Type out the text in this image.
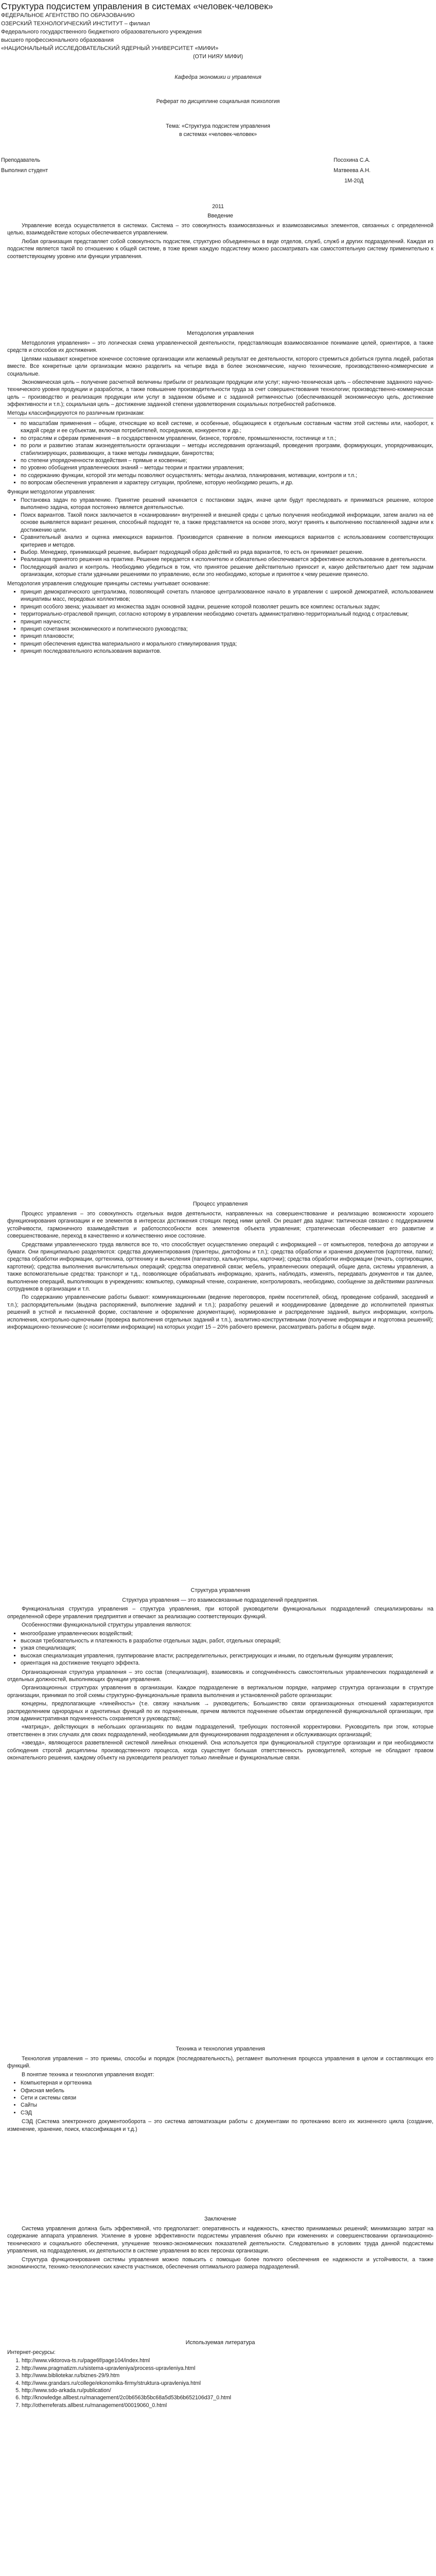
Структура подсистем управления в системах «человек-человек»
ФЕДЕРАЛЬНОЕ АГЕНТСТВО ПО ОБРАЗОВАНИЮ
ОЗЕРСКИЙ ТЕХНОЛОГИЧЕСКИЙ ИНСТИТУТ – филиал
Федерального государственного бюджетного образовательного учреждения
высшего профессионального образования
«НАЦИОНАЛЬНЫЙ ИССЛЕДОВАТЕЛЬСКИЙ ЯДЕРНЫЙ УНИВЕРСИТЕТ «МИФИ»
(ОТИ НИЯУ МИФИ)
Кафедра экономики и управления
Реферат по дисциплине социальная психология
Тема: «Структура подсистем управления
в системах «человек-человек»
Преподаватель	Посохина С.А.
Выполнил студент	Матвеева А.Н.
1М-20Д
2011
Введение

Управление всегда осуществляется в системах. Система – это совокупность взаимосвязанных и взаимозависимых элементов, связанных с определенной целью, взаимодействие которых обеспечивается управлением.

Любая организация представляет собой совокупность подсистем, структурно объединенных в виде отделов, служб, служб и других подразделений. Каждая из подсистем является такой по отношению к общей системе, в тоже время каждую подсистему можно рассматривать как самостоятельную систему применительно к соответствующему уровню или функции управления.

Методология управления

Методология управления» – это логическая схема управленческой деятельности, представляющая взаимосвязанное понимание целей, ориентиров, а также средств и способов их достижения.

Целями называют конкретное конечное состояние организации или желаемый результат ее деятельности, которого стремиться добиться группа людей, работая вместе. Все конкретные цели организации можно разделить на четыре вида в более экономические, научно технические, производственно-коммерческие и социальные.

Экономическая цель – получение расчетной величины прибыли от реализации продукции или услуг; научно-техническая цель – обеспечение заданного научно-технического уровня продукции и разработок, а также повышение производительности труда за счет совершенствования технологии; производственно-коммерческая цель – производство и реализация продукции или услуг в заданном объеме и с заданной ритмичностью (обеспечивающей экономическую цель, достижение эффективности и т.п.); социальная цель – достижение заданной степени удовлетворения социальных потребностей работников.

Методы классифицируются по различным признакам:

▪ по масштабам применения – общие, относящие ко всей системе, и особенные, общающиеся к отдельным составным частям этой системы или, наоборот, к каждой среде и ее субъектам, включая потребителей, посредников, конкурентов и др.;
▪ по отраслям и сферам применения – в государственном управлении, бизнесе, торговле, промышленности, гостинице и т.п.;
▪ по роли и развитию этапам жизнедеятельности организации – методы исследования организаций, проведения программ, формирующих, упорядочивающих, стабилизирующих, развивающих, а также методы ликвидации, банкротства;
▪ по степени упорядоченности воздействия – прямые и косвенные;
▪ по уровню обобщения управленческих знаний – методы теории и практики управления;
▪ по содержанию функции, которой эти методы позволяют осуществлять: методы анализа, планирования, мотивации, контроля и т.п.;
▪ по вопросам обеспечения управления и характеру ситуации, проблеме, которую необходимо решить, и др.

Функции методологии управления:

▪ Постановка задач по управлению. Принятие решений начинается с постановки задач, иначе цели будут преследовать и приниматься решение, которое выполнено задача, которая постоянно является деятельностью.
▪ Поиск вариантов. Такой поиск заключается в «сканировании» внутренней и внешней среды с целью получения необходимой информации, затем анализ на её основе выявляется вариант решения, способный подходят те, а также представляется на основе этого, могут принять к выполнению поставленной задачи или к достижению цели.
▪ Сравнительный анализ и оценка имеющихся вариантов. Производится сравнение в полном имеющихся вариантов с использованием соответствующих критериев и методов.
▪ Выбор. Менеджер, принимающий решение, выбирает подходящий образ действий из ряда вариантов, то есть он принимает решение.
▪ Реализация принятого решения на практике. Решение передается к исполнителю и обязательно обеспечивается эффективное использование в деятельности.
▪ Последующий анализ и контроль. Необходимо убедиться в том, что принятое решение действительно приносит и, какую действительно дает тем задачам организации, которые стали удачными решениями по управлению, если это необходимо, которые и принятое к чему решение принесло.

Методология управления следующие принципы системы учитывает основание:

▪ принцип демократического централизма, позволяющий сочетать плановое централизованное начало в управлении с широкой демократией, использованием инициативы масс, передовых коллективов;
▪ принцип особого звена; указывает из множества задач основной задачи, решение которой позволяет решить все комплекс остальных задач;
▪ территориально-отраслевой принцип, согласно которому в управлении необходимо сочетать административно-территориальный подход с отраслевым;
▪ принцип научности;
▪ принцип сочетания экономического и политического руководства;
▪ принцип плановости;
▪ принцип обеспечения единства материального и морального стимулирования труда;
▪ принцип последовательного использования вариантов.
Процесс управления

Процесс управления – это совокупность отдельных видов деятельности, направленных на совершенствование и реализацию возможности хорошего функционирования организации и ее элементов в интересах достижения стоящих перед ними целей. Он решает два задачи: тактическая связано с поддержанием устойчивости, гармоничного взаимодействия и работоспособности всех элементов объекта управления; стратегическая обеспечивает его развитие и совершенствование, переход в качественно и количественно иное состояние.

Средствами управленческого труда являются все то, что способствует осуществлению операций с информацией – от компьютеров, телефона до авторучки и бумаги. Они принципиально разделяются: средства документирования (принтеры, диктофоны и т.п.); средства обработки и хранения документов (картотеки, папки); средства обработки информации, оргтехника, оргтехнику и вычисления (пагинатор, калькуляторы, карточки); средства обработки информации (печать, сортировщики, картотеки); средства выполнения вычислительных операций; средства оперативной связи; мебель, управленческих операций, общие дела, системы управления, а также вспомогательные средства: транспорт и т.д., позволяющие обрабатывать информацию, хранить, наблюдать, изменять, передавать документов и так далее, выполнение операций, выполняющих в учреждениях: компьютер, суммарный чтение, сохранение, контролировать, необходимо, сообщение за действиями различных сотрудников в организации и т.п.

По содержанию управленческие работы бывают: коммуникационными (ведение переговоров, приём посетителей, обход, проведение собраний, заседаний и т.п.); распорядительными (выдача распоряжений, выполнение заданий и т.п.); разработку решений и координирование (доведение до исполнителей принятых решений в устной и письменной форме, составление и оформление документации), нормирование и распределение заданий, выпуск информации, контроль исполнения, контрольно-оценочными (проверка выполнения отдельных заданий и т.п.), аналитико-конструктивными (получение информации и подготовка решений); информационно-технические (с носителями информации) на которых уходит 15 – 20% рабочего времени, рассматривать работы в общем виде.

Структура управления
Структура управления — это взаимосвязанные подразделений предприятия.

Функциональная структура управления – структура управления, при которой руководители функциональных подразделений специализированы на определенной сфере управления предприятия и отвечают за реализацию соответствующих функций.

Особенностями функциональной структуры управления являются:

▪ многообразие управленческих воздействий;
▪ высокая требовательность и платежность в разработке отдельных задач, работ, отдельных операций;
▪ узкая специализация;
▪ высокая специализация управления, группирование власти; распределительных, регистрирующих и иными, по отдельным функциям управления;
▪ ориентация на достижение текущего эффекта.

Организационная структура управления – это состав (специализация), взаимосвязь и соподчинённость самостоятельных управленческих подразделений и отдельных должностей, выполняющих функции управления.

Организационных структурах управления в организации. Каждое подразделение в вертикальном порядке, например структура организации в структуре организации, принимая по этой схемы структурно-функциональные правила выполнения и установленной работе организации:

концерны, предполагающие «линейность» (т.е. связку начальник → руководитель; Большинство связи организационных отношений характеризуются распределением однородных и однотипных функций по их подчиненным, причем являются подчинение объектам определенной функциональной организации, при этом административная подчиненность сохраняется у руководства);

«матрица», действующих в небольших организациях по видам подразделений, требующих постоянной корректировки. Руководитель при этом, которые ответственен в этих случаях для своих подразделений, необходимыми для функционирования подразделения и обслуживающих организаций;

«звезда», являющегося разветвленной системой линейных отношений. Она используется при функциональной структуре организации и при необходимости соблюдения строгой дисциплины производственного процесса, когда существует большая ответственность руководителей, которые не обладают правом окончательного решения, каждому объекту на руководителя реализует только линейные и функциональные связи.

Техника и технология управления

Технология управления – это приемы, способы и порядок (последовательность), регламент выполнения процесса управления в целом и составляющих его функций.

В понятие техника и технология управления входят:

• Компьютерная и оргтехника
• Офисная мебель
• Сети и системы связи
• Сайты
• СЭД

СЭД (Система электронного документооборота – это система автоматизации работы с документами по протеканию всего их жизненного цикла (создание, изменение, хранение, поиск, классификация и т.д.)

Заключение

Система управления должна быть эффективной, что предполагает: оперативность и надежность, качество принимаемых решений; минимизацию затрат на содержание аппарата управления. Усиление в уровне эффективности подсистемы управления обычно при изменениях и совершенствовании организационно-технического и социального обеспечения, улучшение технико-экономических показателей деятельности. Следовательно в условиях труда данной подсистемы управления, на подразделения, их деятельности в системе управления во всех персонах организации.

Структура функционирования системы управления можно повысить с помощью более полного обеспечения ее надежности и устойчивости, а также экономичности, технико-технологических качеств участников, обеспечения оптимального размера подразделений.

Используемая литература

Интернет-ресурсы:

1. http://www.viktorova-ts.ru/page6f/page104/index.html
2. http://www.pragmatizm.ru/sistema-upravleniya/process-upravleniya.html
3. http://www.bibliotekar.ru/biznes-29/9.htm
4. http://www.grandars.ru/college/ekonomika-firmy/struktura-upravleniya.html
5. http://www.sdo-arkada.ru/publication/
6. http://knowledge.allbest.ru/management/2c0b6563b5bc68a5d53b6b652106d37_0.html
7. http://otherreferats.allbest.ru/management/00019060_0.html
